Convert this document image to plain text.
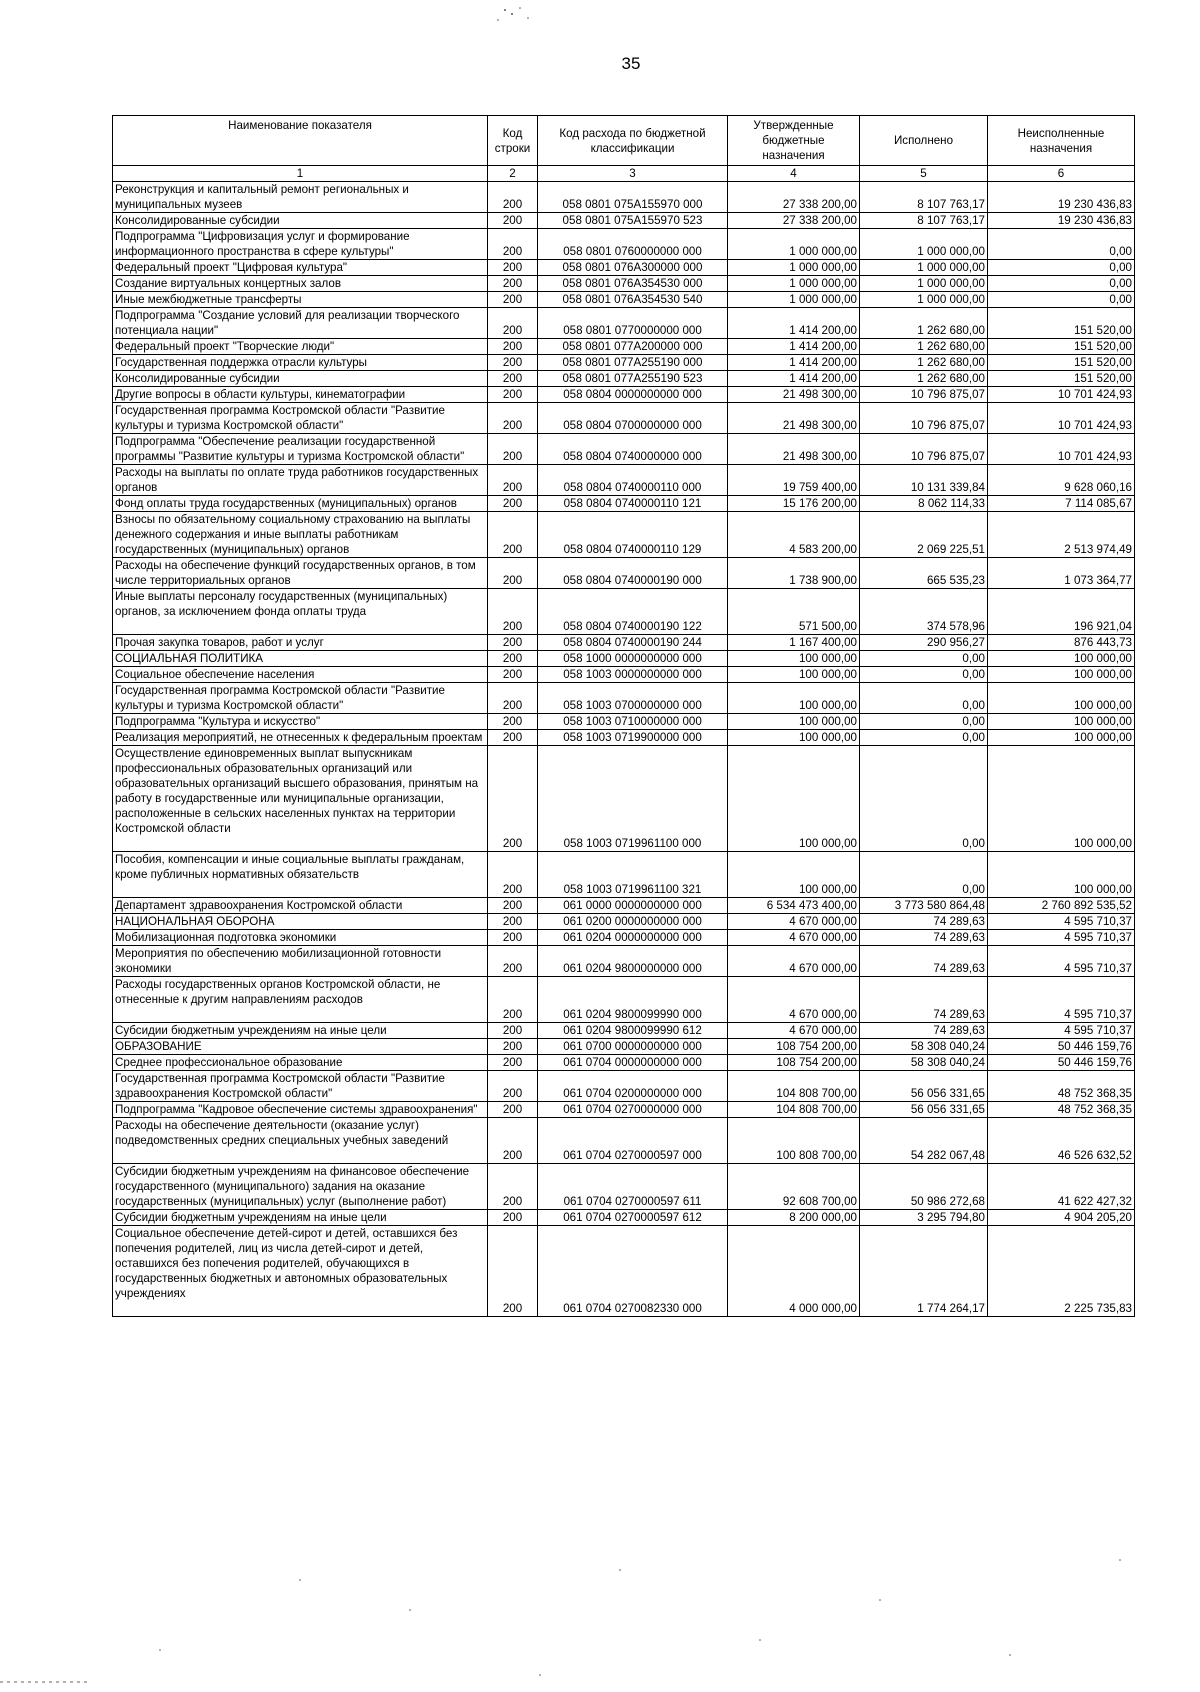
35
Наименование показателя	Код строки	Код расхода по бюджетной классификации	Утвержденные бюджетные назначения	Исполнено	Неисполненные назначения
1	2	3	4	5	6
Реконструкция и капитальный ремонт региональных и муниципальных музеев	200	058 0801 075А155970 000	27 338 200,00	8 107 763,17	19 230 436,83
Консолидированные субсидии	200	058 0801 075А155970 523	27 338 200,00	8 107 763,17	19 230 436,83
Подпрограмма "Цифровизация услуг и формирование информационного пространства в сфере культуры"	200	058 0801 0760000000 000	1 000 000,00	1 000 000,00	0,00
Федеральный проект "Цифровая культура"	200	058 0801 076А300000 000	1 000 000,00	1 000 000,00	0,00
Создание виртуальных концертных залов	200	058 0801 076А354530 000	1 000 000,00	1 000 000,00	0,00
Иные межбюджетные трансферты	200	058 0801 076А354530 540	1 000 000,00	1 000 000,00	0,00
Подпрограмма "Создание условий для реализации творческого потенциала нации"	200	058 0801 0770000000 000	1 414 200,00	1 262 680,00	151 520,00
Федеральный проект "Творческие люди"	200	058 0801 077А200000 000	1 414 200,00	1 262 680,00	151 520,00
Государственная поддержка отрасли культуры	200	058 0801 077А255190 000	1 414 200,00	1 262 680,00	151 520,00
Консолидированные субсидии	200	058 0801 077А255190 523	1 414 200,00	1 262 680,00	151 520,00
Другие вопросы в области культуры, кинематографии	200	058 0804 0000000000 000	21 498 300,00	10 796 875,07	10 701 424,93
Государственная программа Костромской области "Развитие культуры и туризма Костромской области"	200	058 0804 0700000000 000	21 498 300,00	10 796 875,07	10 701 424,93
Подпрограмма "Обеспечение реализации государственной программы "Развитие культуры и туризма Костромской области"	200	058 0804 0740000000 000	21 498 300,00	10 796 875,07	10 701 424,93
Расходы на выплаты по оплате труда работников государственных органов	200	058 0804 0740000110 000	19 759 400,00	10 131 339,84	9 628 060,16
Фонд оплаты труда государственных (муниципальных) органов	200	058 0804 0740000110 121	15 176 200,00	8 062 114,33	7 114 085,67
Взносы по обязательному социальному страхованию на выплаты денежного содержания и иные выплаты работникам государственных (муниципальных) органов	200	058 0804 0740000110 129	4 583 200,00	2 069 225,51	2 513 974,49
Расходы на обеспечение функций государственных органов, в том числе территориальных органов	200	058 0804 0740000190 000	1 738 900,00	665 535,23	1 073 364,77
Иные выплаты персоналу государственных (муниципальных) органов, за исключением фонда оплаты труда	200	058 0804 0740000190 122	571 500,00	374 578,96	196 921,04
Прочая закупка товаров, работ и услуг	200	058 0804 0740000190 244	1 167 400,00	290 956,27	876 443,73
СОЦИАЛЬНАЯ ПОЛИТИКА	200	058 1000 0000000000 000	100 000,00	0,00	100 000,00
Социальное обеспечение населения	200	058 1003 0000000000 000	100 000,00	0,00	100 000,00
Государственная программа Костромской области "Развитие культуры и туризма Костромской области"	200	058 1003 0700000000 000	100 000,00	0,00	100 000,00
Подпрограмма "Культура и искусство"	200	058 1003 0710000000 000	100 000,00	0,00	100 000,00
Реализация мероприятий, не отнесенных к федеральным проектам	200	058 1003 0719900000 000	100 000,00	0,00	100 000,00
Осуществление единовременных выплат выпускникам профессиональных образовательных организаций или образовательных организаций высшего образования, принятым на работу в государственные или муниципальные организации, расположенные в сельских населенных пунктах на территории Костромской области	200	058 1003 0719961100 000	100 000,00	0,00	100 000,00
Пособия, компенсации и иные социальные выплаты гражданам, кроме публичных нормативных обязательств	200	058 1003 0719961100 321	100 000,00	0,00	100 000,00
Департамент здравоохранения Костромской области	200	061 0000 0000000000 000	6 534 473 400,00	3 773 580 864,48	2 760 892 535,52
НАЦИОНАЛЬНАЯ ОБОРОНА	200	061 0200 0000000000 000	4 670 000,00	74 289,63	4 595 710,37
Мобилизационная подготовка экономики	200	061 0204 0000000000 000	4 670 000,00	74 289,63	4 595 710,37
Мероприятия по обеспечению мобилизационной готовности экономики	200	061 0204 9800000000 000	4 670 000,00	74 289,63	4 595 710,37
Расходы государственных органов Костромской области, не отнесенные к другим направлениям расходов	200	061 0204 9800099990 000	4 670 000,00	74 289,63	4 595 710,37
Субсидии бюджетным учреждениям на иные цели	200	061 0204 9800099990 612	4 670 000,00	74 289,63	4 595 710,37
ОБРАЗОВАНИЕ	200	061 0700 0000000000 000	108 754 200,00	58 308 040,24	50 446 159,76
Среднее профессиональное образование	200	061 0704 0000000000 000	108 754 200,00	58 308 040,24	50 446 159,76
Государственная программа Костромской области "Развитие здравоохранения Костромской области"	200	061 0704 0200000000 000	104 808 700,00	56 056 331,65	48 752 368,35
Подпрограмма "Кадровое обеспечение системы здравоохранения"	200	061 0704 0270000000 000	104 808 700,00	56 056 331,65	48 752 368,35
Расходы на обеспечение деятельности (оказание услуг) подведомственных средних специальных учебных заведений	200	061 0704 0270000597 000	100 808 700,00	54 282 067,48	46 526 632,52
Субсидии бюджетным учреждениям на финансовое обеспечение государственного (муниципального) задания на оказание государственных (муниципальных) услуг (выполнение работ)	200	061 0704 0270000597 611	92 608 700,00	50 986 272,68	41 622 427,32
Субсидии бюджетным учреждениям на иные цели	200	061 0704 0270000597 612	8 200 000,00	3 295 794,80	4 904 205,20
Социальное обеспечение детей-сирот и детей, оставшихся без попечения родителей, лиц из числа детей-сирот и детей, оставшихся без попечения родителей, обучающихся в государственных бюджетных и автономных образовательных учреждениях	200	061 0704 0270082330 000	4 000 000,00	1 774 264,17	2 225 735,83
